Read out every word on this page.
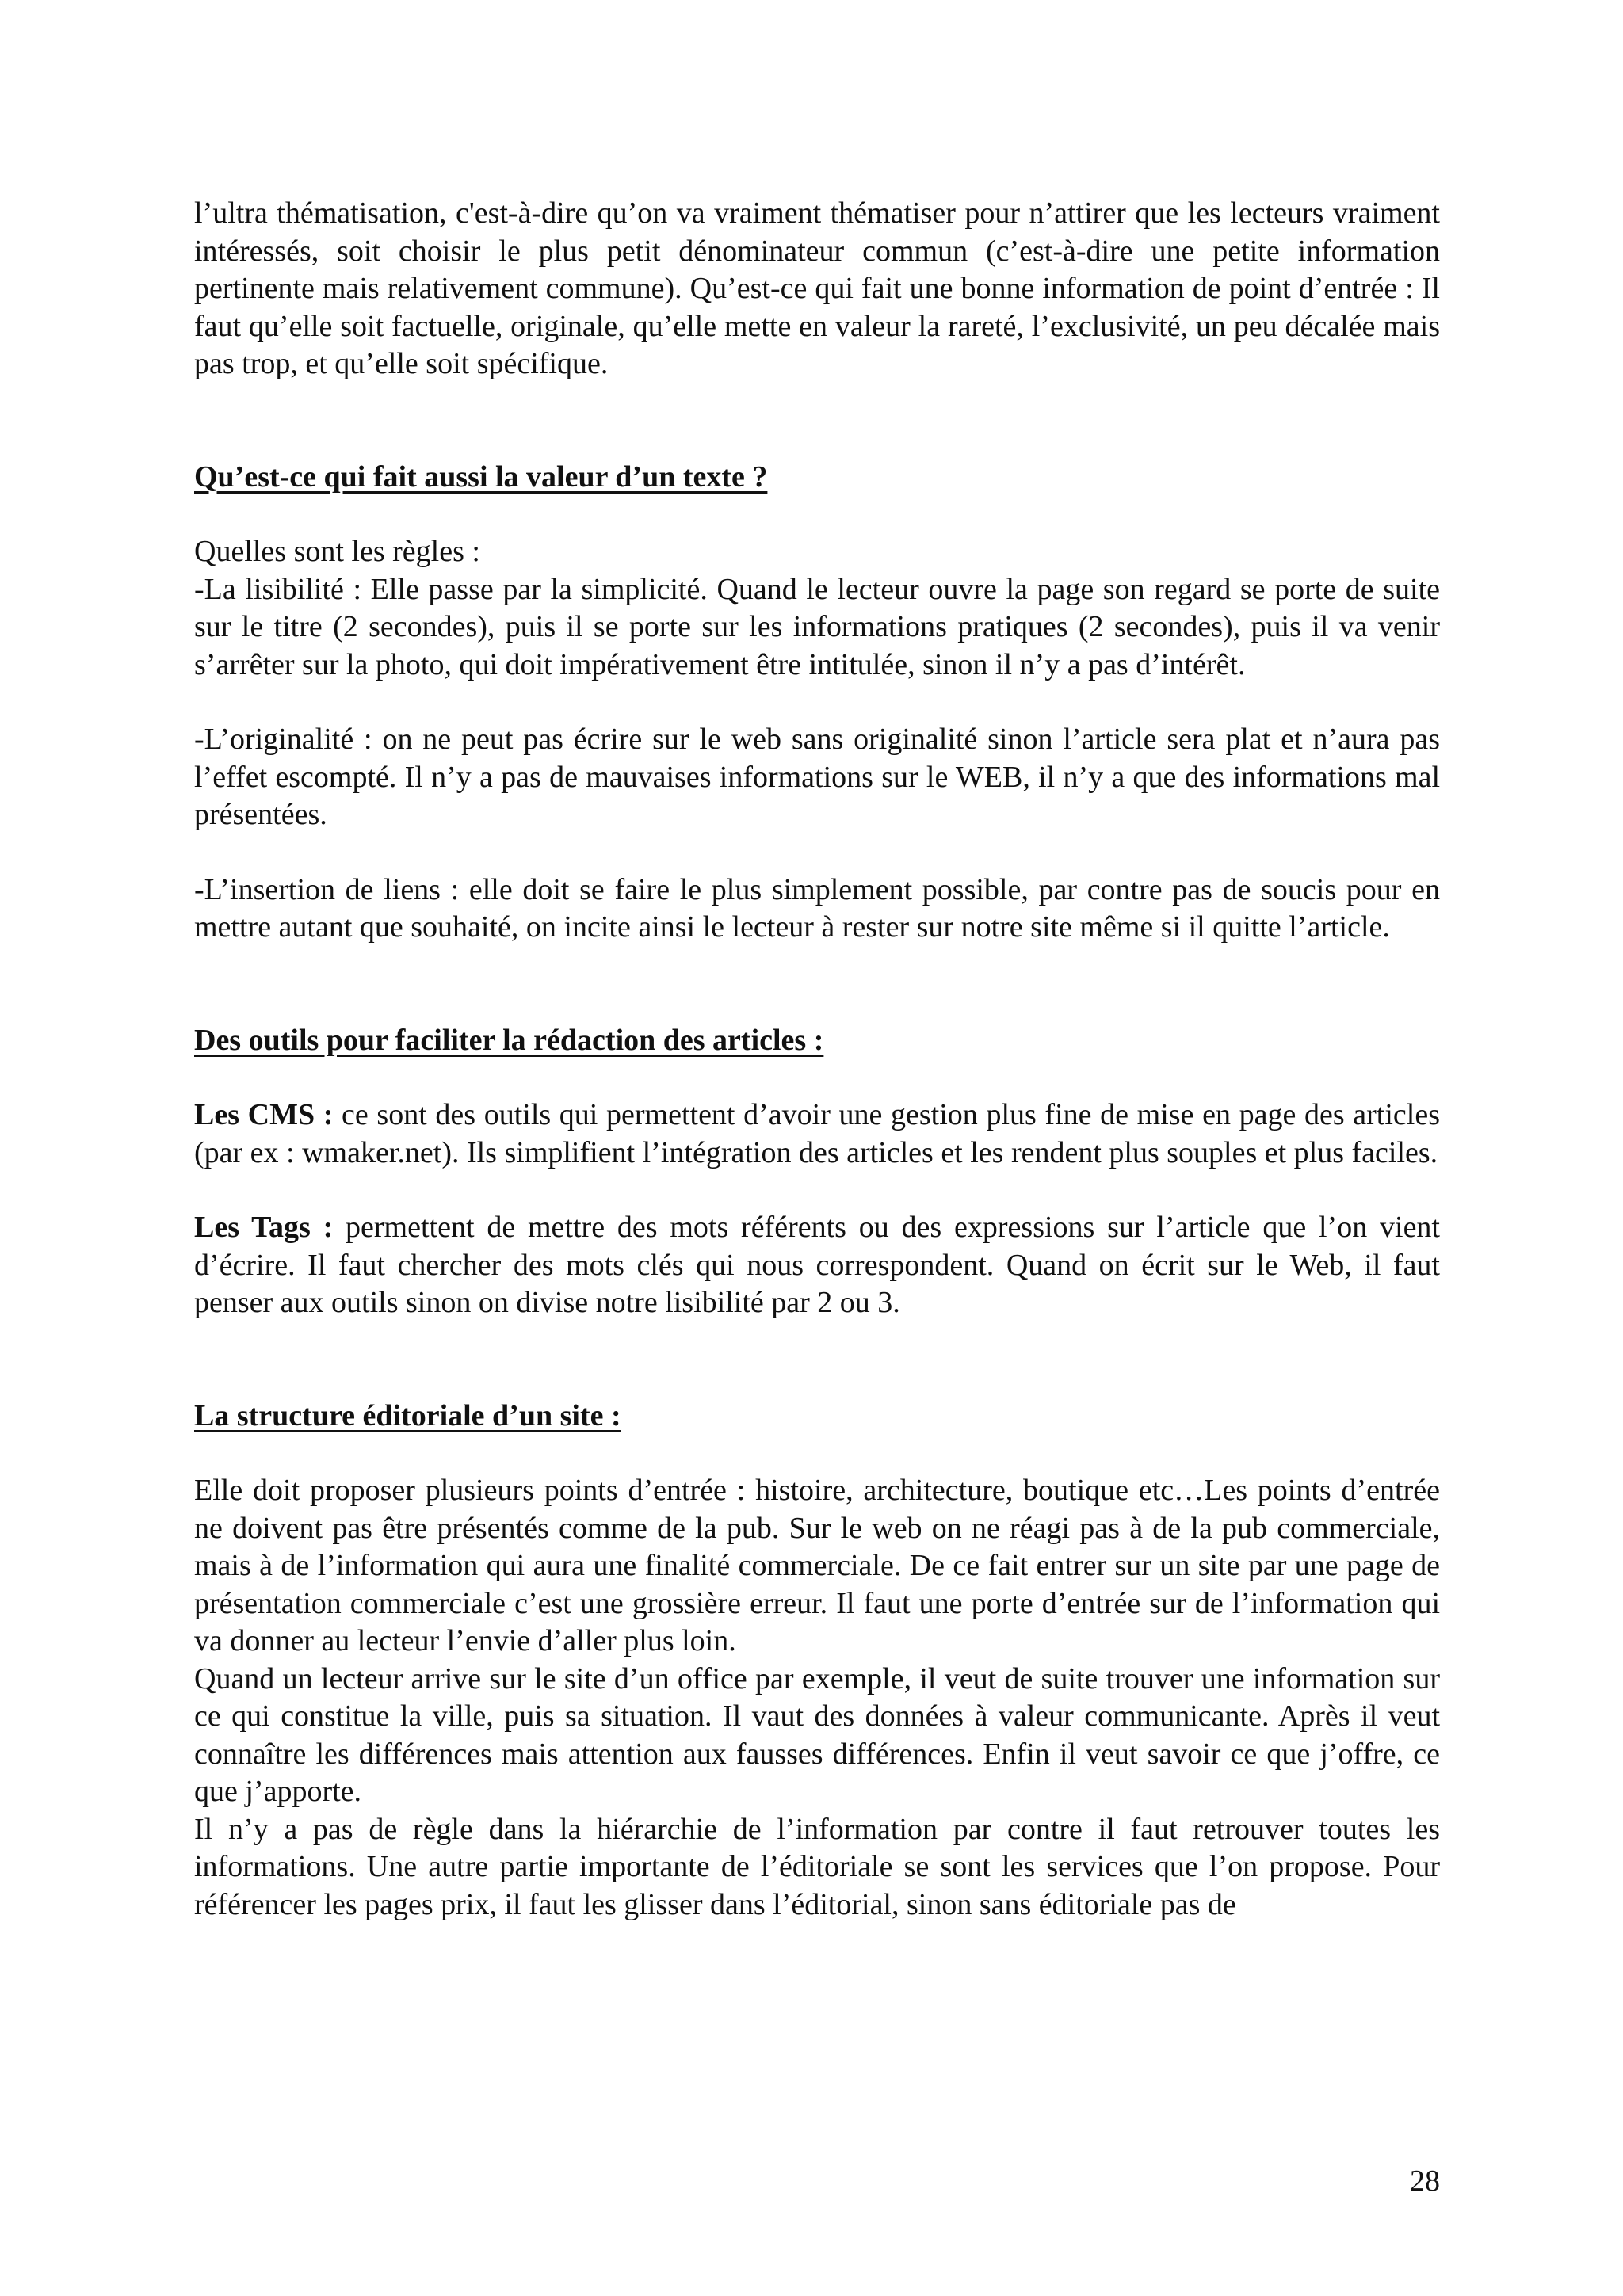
l’ultra thématisation, c'est-à-dire qu’on va vraiment thématiser pour n’attirer que les lecteurs vraiment intéressés, soit choisir le plus petit dénominateur commun (c’est-à-dire une petite information pertinente mais relativement commune). Qu’est-ce qui fait une bonne information de point d’entrée : Il faut qu’elle soit factuelle, originale, qu’elle mette en valeur la rareté, l’exclusivité, un peu décalée mais pas trop, et qu’elle soit spécifique.

Qu’est-ce qui fait aussi la valeur d’un texte ?

Quelles sont les règles :
-La lisibilité : Elle passe par la simplicité. Quand le lecteur ouvre la page son regard se porte de suite sur le titre (2 secondes), puis il se porte sur les informations pratiques (2 secondes), puis il va venir s’arrêter sur la photo, qui doit impérativement être intitulée, sinon il n’y a pas d’intérêt.

-L’originalité : on ne peut pas écrire sur le web sans originalité sinon l’article sera plat et n’aura pas l’effet escompté. Il n’y a pas de mauvaises informations sur le WEB, il n’y a que des informations mal présentées.

-L’insertion de liens : elle doit se faire le plus simplement possible, par contre pas de soucis pour en mettre autant que souhaité, on incite ainsi le lecteur à rester sur notre site même si il quitte l’article.

Des outils pour faciliter la rédaction des articles :

Les CMS : ce sont des outils qui permettent d’avoir une gestion plus fine de mise en page des articles (par ex : wmaker.net). Ils simplifient l’intégration des articles et les rendent plus souples et plus faciles.

Les Tags : permettent de mettre des mots référents ou des expressions sur l’article que l’on vient d’écrire. Il faut chercher des mots clés qui nous correspondent. Quand on écrit sur le Web, il faut penser aux outils sinon on divise notre lisibilité par 2 ou 3.

La structure éditoriale d’un site :

Elle doit proposer plusieurs points d’entrée : histoire, architecture, boutique etc…Les points d’entrée ne doivent pas être présentés comme de la pub. Sur le web on ne réagi pas à de la pub commerciale, mais à de l’information qui aura une finalité commerciale. De ce fait entrer sur un site par une page de présentation commerciale c’est une grossière erreur. Il faut une porte d’entrée sur de l’information qui va donner au lecteur l’envie d’aller plus loin.
Quand un lecteur arrive sur le site d’un office par exemple, il veut de suite trouver une information sur ce qui constitue la ville, puis sa situation. Il vaut des données à valeur communicante. Après il veut connaître les différences mais attention aux fausses différences. Enfin il veut savoir ce que j’offre, ce que j’apporte.
Il n’y a pas de règle dans la hiérarchie de l’information par contre il faut retrouver toutes les informations. Une autre partie importante de l’éditoriale se sont les services que l’on propose. Pour référencer les pages prix, il faut les glisser dans l’éditorial, sinon sans éditoriale pas de

28
